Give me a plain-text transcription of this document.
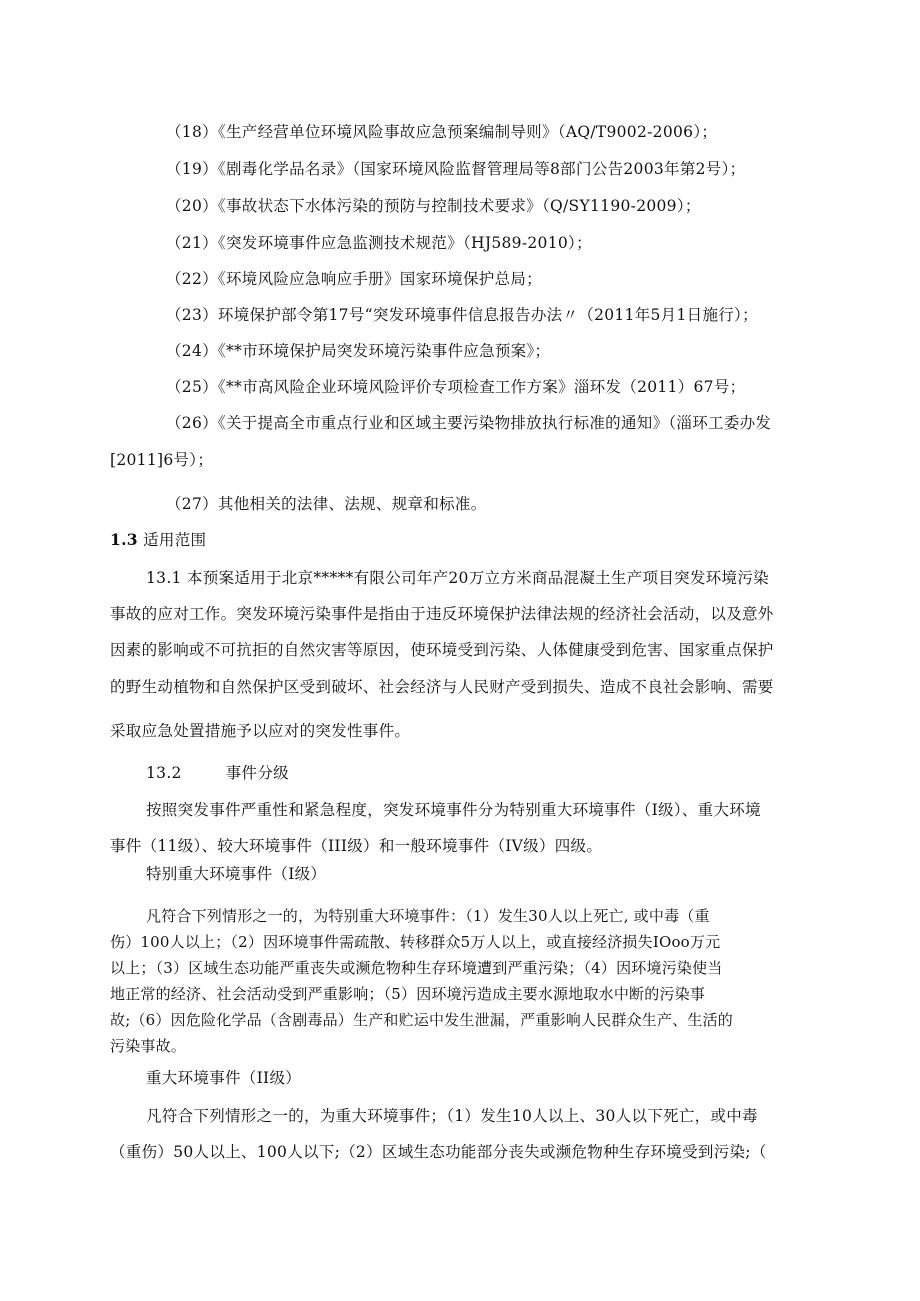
（18）《生产经营单位环境风险事故应急预案编制导则》（AQ/T9002-2006）；
（19）《剧毒化学品名录》（国家环境风险监督管理局等8部门公告2003年第2号）；
（20）《事故状态下水体污染的预防与控制技术要求》（Q/SY1190-2009）；
（21）《突发环境事件应急监测技术规范》（HJ589-2010）；
（22）《环境风险应急响应手册》国家环境保护总局；
（23）环境保护部令第17号“突发环境事件信息报告办法〃（2011年5月1日施行）；
（24）《**市环境保护局突发环境污染事件应急预案》；
（25）《**市高风险企业环境风险评价专项检查工作方案》淄环发（2011）67号；
（26）《关于提高全市重点行业和区域主要污染物排放执行标准的通知》（淄环工委办发
[2011]6号）；
（27）其他相关的法律、法规、规章和标准。
1.3 适用范围
13.1 本预案适用于北京*****有限公司年产20万立方米商品混凝土生产项目突发环境污染
事故的应对工作。突发环境污染事件是指由于违反环境保护法律法规的经济社会活动，以及意外
因素的影响或不可抗拒的自然灾害等原因，使环境受到污染、人体健康受到危害、国家重点保护
的野生动植物和自然保护区受到破坏、社会经济与人民财产受到损失、造成不良社会影响、需要
采取应急处置措施予以应对的突发性事件。
13.2	事件分级
按照突发事件严重性和紧急程度，突发环境事件分为特别重大环境事件（I级）、重大环境
事件（11级）、较大环境事件（III级）和一般环境事件（IV级）四级。
特别重大环境事件（I级）
凡符合下列情形之一的，为特别重大环境事件：（1）发生30人以上死亡, 或中毒（重
伤）100人以上；（2）因环境事件需疏散、转移群众5万人以上，或直接经济损失IOoo万元
以上；（3）区域生态功能严重丧失或濒危物种生存环境遭到严重污染；（4）因环境污染使当
地正常的经济、社会活动受到严重影响；（5）因环境污造成主要水源地取水中断的污染事
故;（6）因危险化学品（含剧毒品）生产和贮运中发生泄漏，严重影响人民群众生产、生活的
污染事故。
重大环境事件（II级）
凡符合下列情形之一的，为重大环境事件；（1）发生10人以上、30人以下死亡，或中毒
（重伤）50人以上、100人以下;（2）区域生态功能部分丧失或濒危物种生存环境受到污染;（
